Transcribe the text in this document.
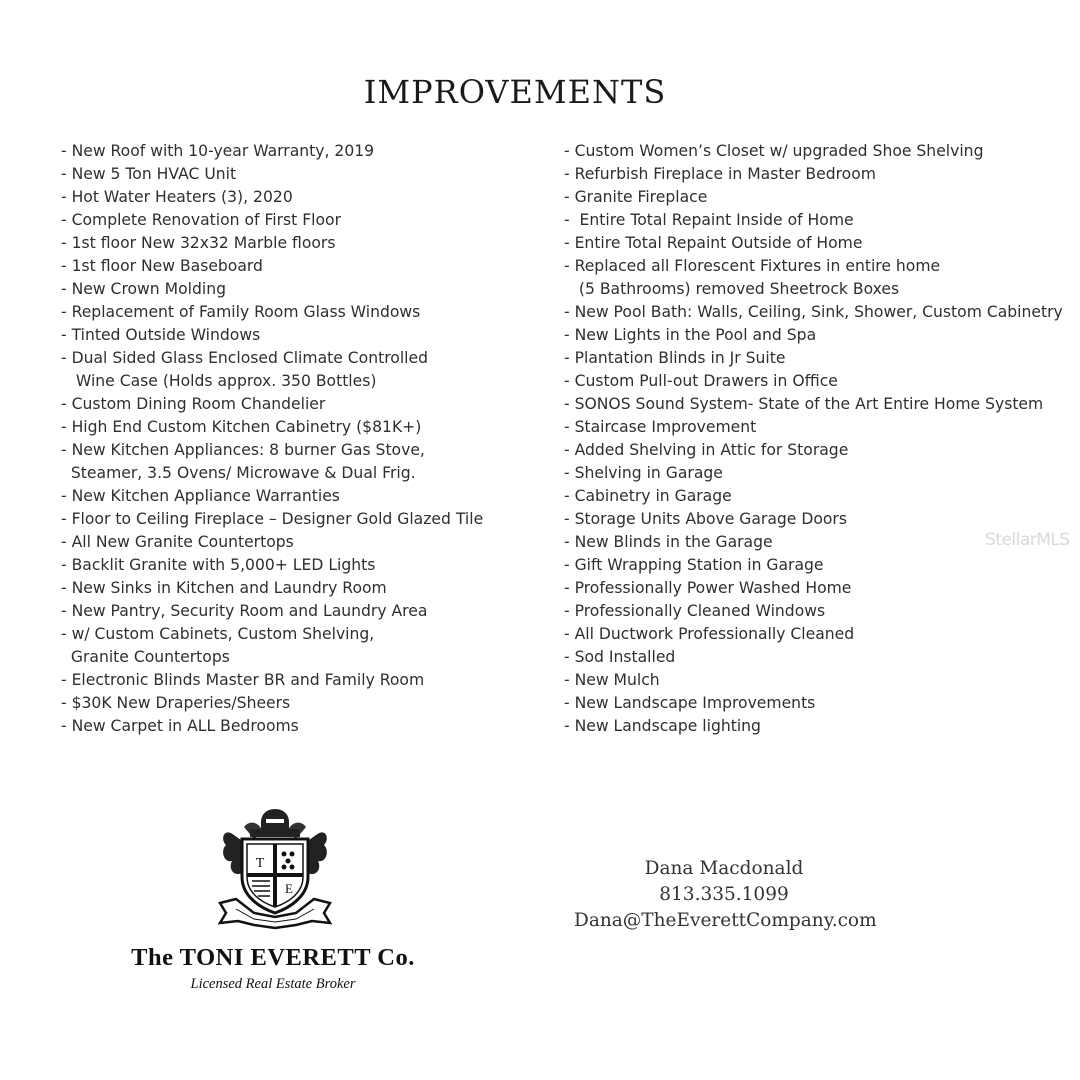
IMPROVEMENTS
- New Roof with 10-year Warranty, 2019
- New 5 Ton HVAC Unit
- Hot Water Heaters (3), 2020
- Complete Renovation of First Floor
- 1st floor New 32x32 Marble floors
- 1st floor New Baseboard
- New Crown Molding
- Replacement of Family Room Glass Windows
- Tinted Outside Windows
- Dual Sided Glass Enclosed Climate Controlled
Wine Case (Holds approx. 350 Bottles)
- Custom Dining Room Chandelier
- High End Custom Kitchen Cabinetry ($81K+)
- New Kitchen Appliances: 8 burner Gas Stove,
Steamer, 3.5 Ovens/ Microwave & Dual Frig.
- New Kitchen Appliance Warranties
- Floor to Ceiling Fireplace – Designer Gold Glazed Tile
- All New Granite Countertops
- Backlit Granite with 5,000+ LED Lights
- New Sinks in Kitchen and Laundry Room
- New Pantry, Security Room and Laundry Area
- w/ Custom Cabinets, Custom Shelving,
Granite Countertops
- Electronic Blinds Master BR and Family Room
- $30K New Draperies/Sheers
- New Carpet in ALL Bedrooms
- Custom Women’s Closet w/ upgraded Shoe Shelving
- Refurbish Fireplace in Master Bedroom
- Granite Fireplace
-  Entire Total Repaint Inside of Home
- Entire Total Repaint Outside of Home
- Replaced all Florescent Fixtures in entire home
(5 Bathrooms) removed Sheetrock Boxes
- New Pool Bath: Walls, Ceiling, Sink, Shower, Custom Cabinetry
- New Lights in the Pool and Spa
- Plantation Blinds in Jr Suite
- Custom Pull-out Drawers in Office
- SONOS Sound System- State of the Art Entire Home System
- Staircase Improvement
- Added Shelving in Attic for Storage
- Shelving in Garage
- Cabinetry in Garage
- Storage Units Above Garage Doors
- New Blinds in the Garage
- Gift Wrapping Station in Garage
- Professionally Power Washed Home
- Professionally Cleaned Windows
- All Ductwork Professionally Cleaned
- Sod Installed
- New Mulch
- New Landscape Improvements
- New Landscape lighting
StellarMLS
T
E
The TONI EVERETT Co.
Licensed Real Estate Broker
Dana Macdonald
813.335.1099
Dana@TheEverettCompany.com
